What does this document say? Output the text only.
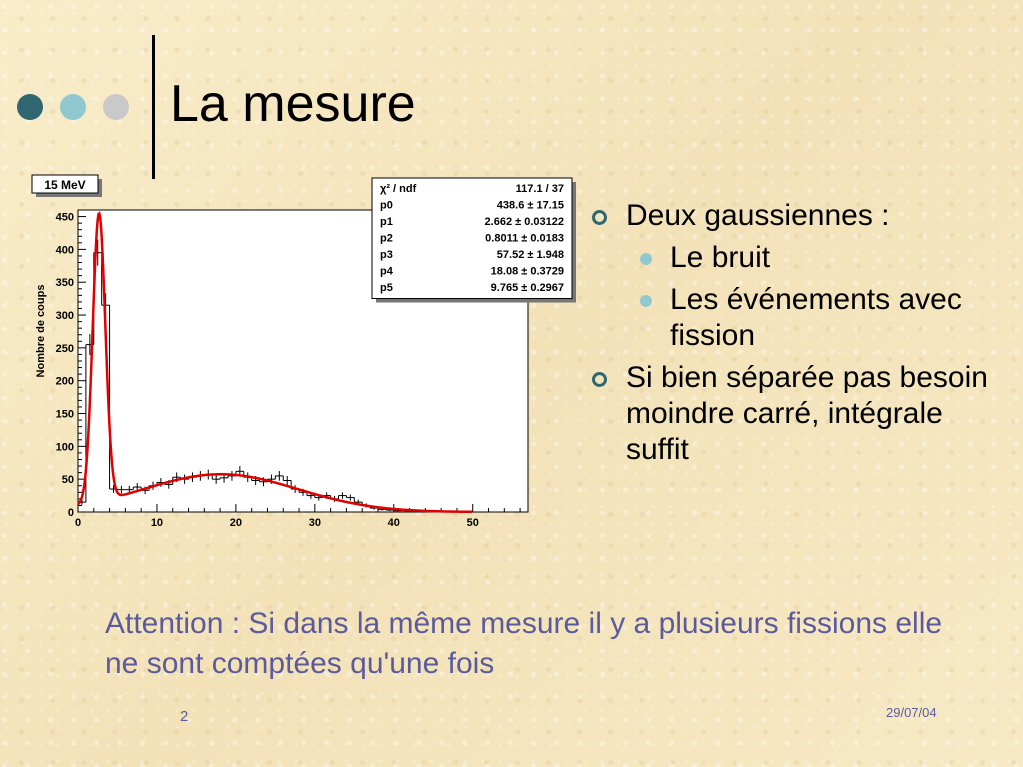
La mesure
0
50
100
150
200
250
300
350
400
450
0	10	20	30	40	50
Nombre de coups
15 MeV	χ² / ndf	117.1 / 37
p0	438.6 ± 17.15
p1	2.662 ± 0.03122
p2	0.8011 ± 0.0183
p3	57.52 ± 1.948
p4	18.08 ± 0.3729
p5	9.765 ± 0.2967
Deux gaussiennes :
Le bruit
Les événements avec fission
Si bien séparée pas besoin moindre carré, intégrale suffit

Attention : Si dans la même mesure il y a plusieurs fissions elle ne sont comptées qu'une fois

2	29/07/04
